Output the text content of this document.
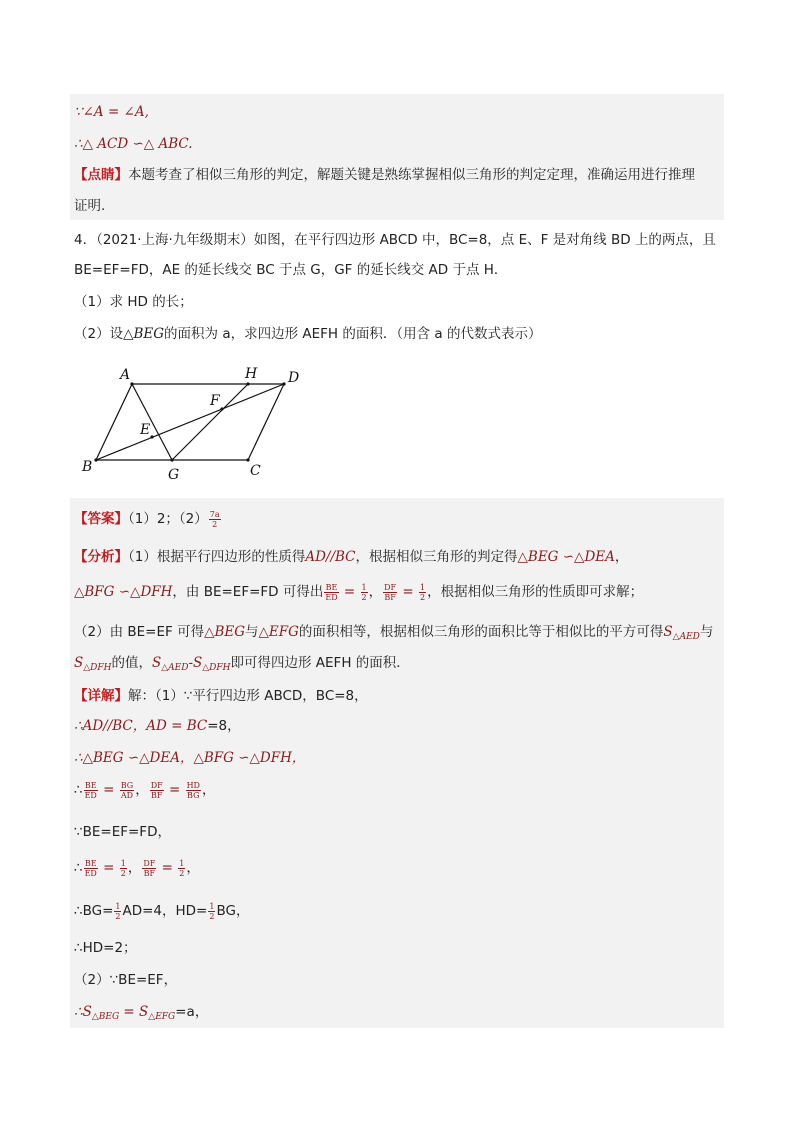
∵∠A = ∠A,
∴△ ACD ∽△ ABC.
【点睛】本题考查了相似三角形的判定，解题关键是熟练掌握相似三角形的判定定理，准确运用进行推理
证明.
4．（2021·上海·九年级期末）如图，在平行四边形 ABCD 中，BC=8，点 E、F 是对角线 BD 上的两点，且
BE=EF=FD，AE 的延长线交 BC 于点 G，GF 的延长线交 AD 于点 H．
（1）求 HD 的长；
（2）设△BEG的面积为 a，求四边形 AEFH 的面积．（用含 a 的代数式表示）
A	H D
F
E
B	G	C
【答案】（1）2；$(2) \frac{7a}{2}$
【分析】（1）根据平行四边形的性质得AD//BC，根据相似三角形的判定得△BEG ∽△DEA，
△BFG ∽△DFH，由 BE=EF=FD 可得出 $\frac{BE}{ED} = \frac{1}{2}$ ， $\frac{DF}{BF} = \frac{1}{2}$ ，根据相似三角形的性质即可求解；
（2）由 BE=EF 可得△BEG与△EFG的面积相等，根据相似三角形的面积比等于相似比的平方可得$S_{\triangle AED}$与
$S_{\triangle DFH}$的值，$S_{\triangle AED}-S_{\triangle DFH}$即可得四边形 AEFH 的面积．
【详解】解：（1）∵平行四边形 ABCD，BC=8，
∴AD//BC，AD = BC=8，
∴△BEG ∽△DEA，△BFG ∽△DFH，
∴ $\frac{BE}{ED} = \frac{BG}{AD}$ ， $\frac{DF}{BF} = \frac{HD}{BG}$ ，
∵BE=EF=FD，
∴ $\frac{BE}{ED} = \frac{1}{2}$ ， $\frac{DF}{BF} = \frac{1}{2}$ ，
∴BG= $\frac{1}{2} AD=4$，$HD= \frac{1}{2}$ BG，
∴HD=2；
（2）∵BE=EF，
$\therefore S_{\triangle BEG} = S_{\triangle EFG}=a$，
